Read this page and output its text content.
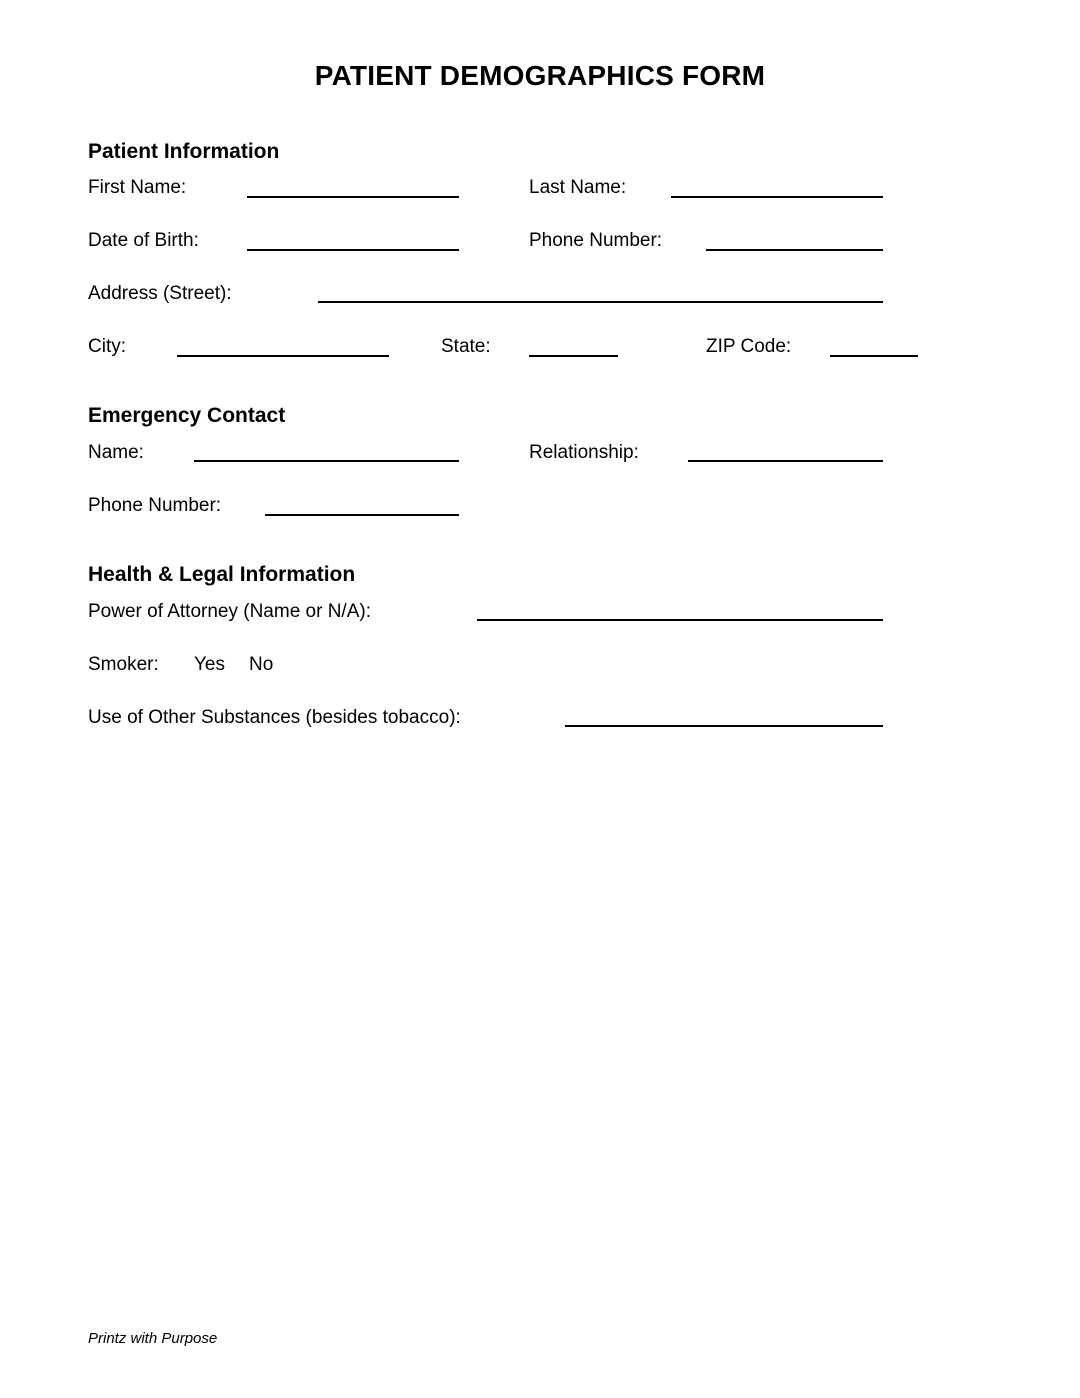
PATIENT DEMOGRAPHICS FORM
Patient Information
First Name:	Last Name:
Date of Birth:	Phone Number:
Address (Street):
City:	State:	ZIP Code:
Emergency Contact
Name:	Relationship:
Phone Number:
Health & Legal Information
Power of Attorney (Name or N/A):
Smoker: Yes No
Use of Other Substances (besides tobacco):
Printz with Purpose
